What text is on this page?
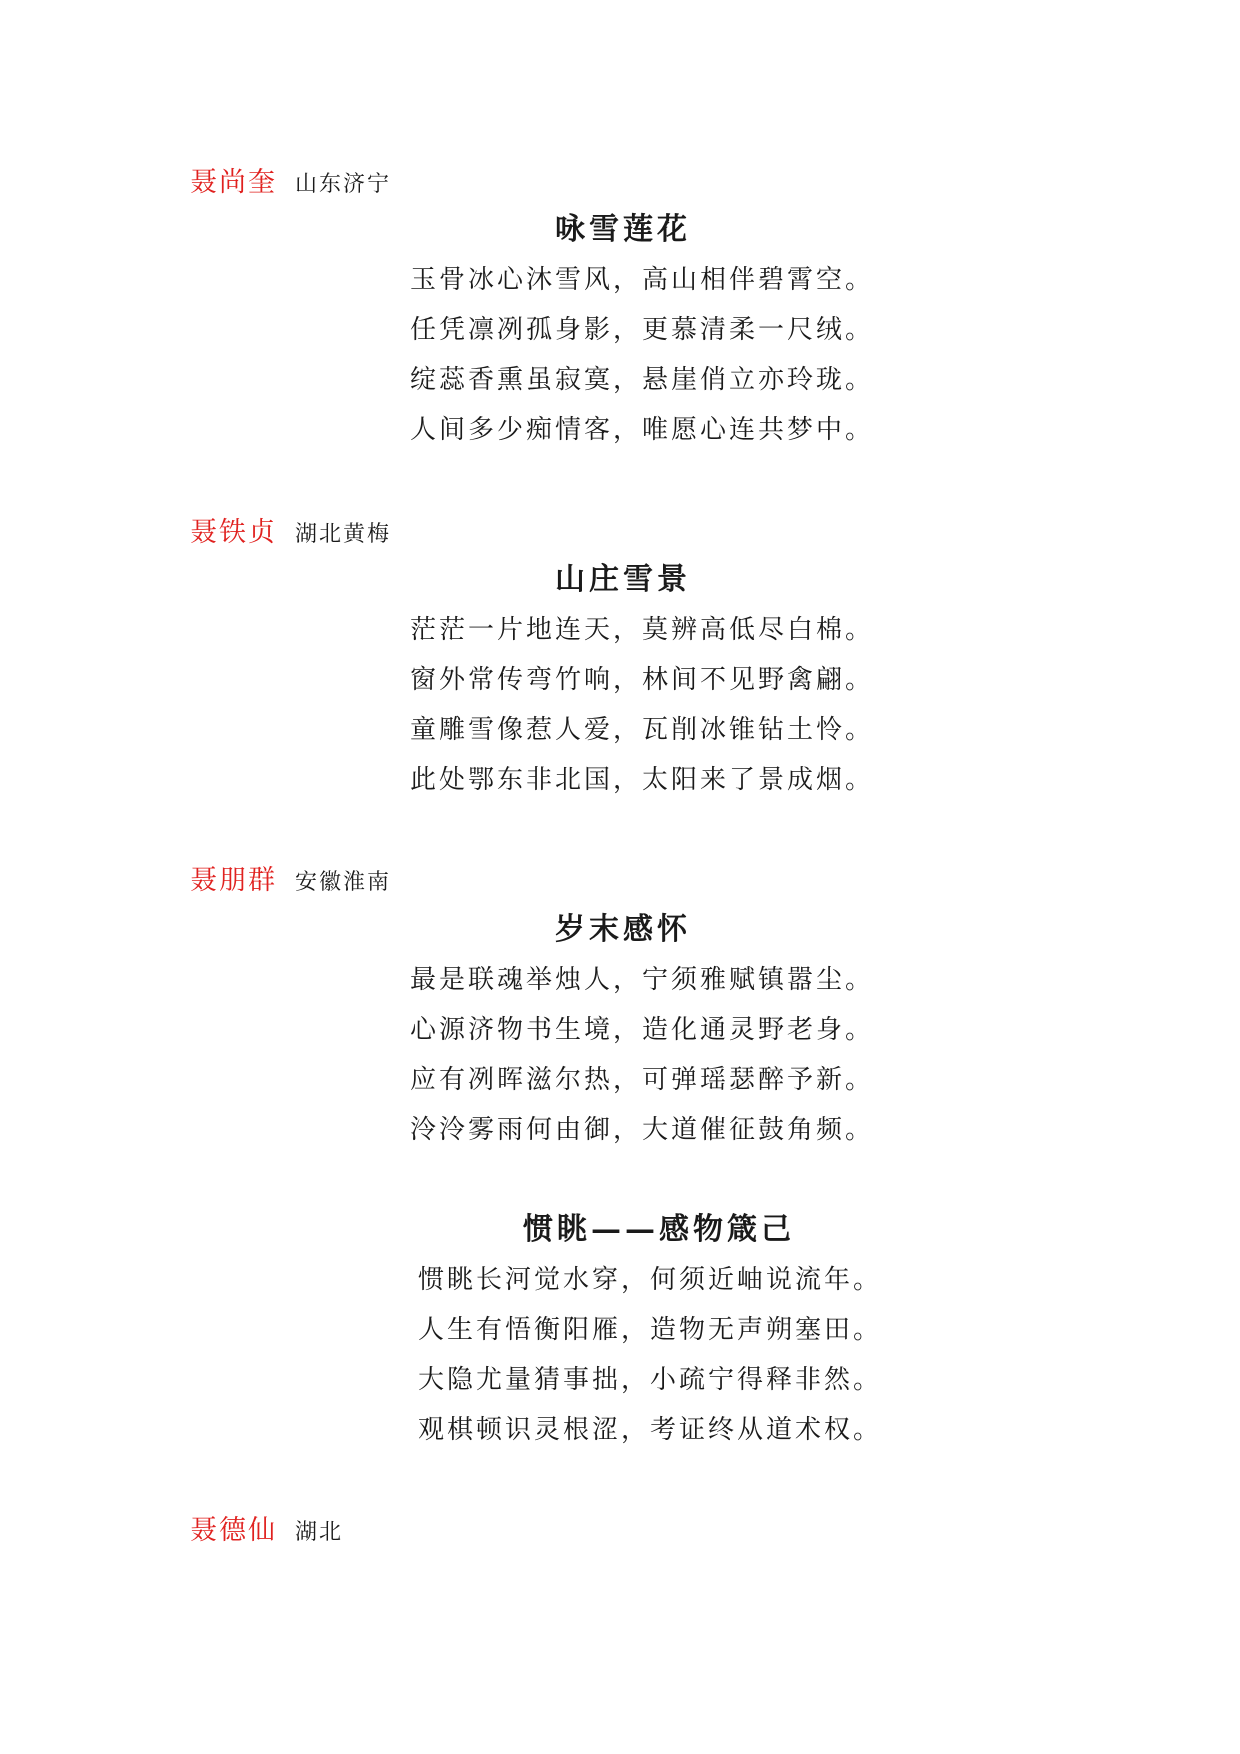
聂尚奎 山东济宁
咏雪莲花
玉骨冰心沐雪风，高山相伴碧霄空。
任凭凛冽孤身影，更慕清柔一尺绒。
绽蕊香熏虽寂寞，悬崖俏立亦玲珑。
人间多少痴情客，唯愿心连共梦中。
聂铁贞 湖北黄梅
山庄雪景
茫茫一片地连天，莫辨高低尽白棉。
窗外常传弯竹响，林间不见野禽翩。
童雕雪像惹人爱，瓦削冰锥钻土怜。
此处鄂东非北国，太阳来了景成烟。
聂朋群 安徽淮南
岁末感怀
最是联魂举烛人，宁须雅赋镇嚣尘。
心源济物书生境，造化通灵野老身。
应有冽晖滋尔热，可弹瑶瑟醉予新。
泠泠雾雨何由御，大道催征鼓角频。
惯眺——感物箴己
惯眺长河觉水穿，何须近岫说流年。
人生有悟衡阳雁，造物无声朔塞田。
大隐尤量猜事拙，小疏宁得释非然。
观棋顿识灵根涩，考证终从道术权。
聂德仙 湖北
